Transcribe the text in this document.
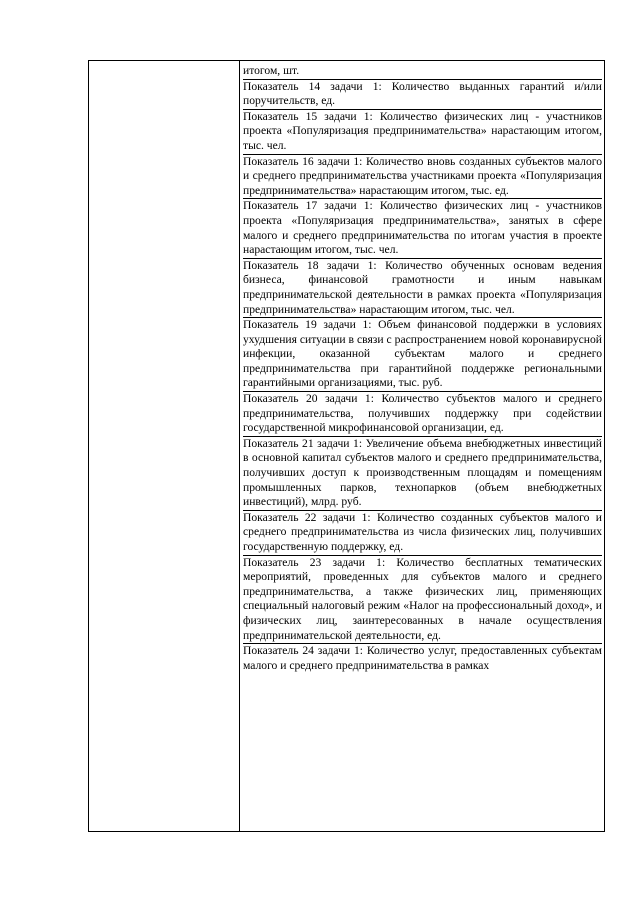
итогом, шт.

Показатель 14 задачи 1: Количество выданных гарантий и/или поручительств, ед.

Показатель 15 задачи 1: Количество физических лиц - участников проекта «Популяризация предпринимательства» нарастающим итогом, тыс. чел.

Показатель 16 задачи 1: Количество вновь созданных субъектов малого и среднего предпринимательства участниками проекта «Популяризация предпринимательства» нарастающим итогом, тыс. ед.

Показатель 17 задачи 1: Количество физических лиц - участников проекта «Популяризация предпринимательства», занятых в сфере малого и среднего предпринимательства по итогам участия в проекте нарастающим итогом, тыс. чел.

Показатель 18 задачи 1: Количество обученных основам ведения бизнеса, финансовой грамотности и иным навыкам предпринимательской деятельности в рамках проекта «Популяризация предпринимательства» нарастающим итогом, тыс. чел.

Показатель 19 задачи 1: Объем финансовой поддержки в условиях ухудшения ситуации в связи с распространением новой коронавирусной инфекции, оказанной субъектам малого и среднего предпринимательства при гарантийной поддержке региональными гарантийными организациями, тыс. руб.

Показатель 20 задачи 1: Количество субъектов малого и среднего предпринимательства, получивших поддержку при содействии государственной микрофинансовой организации, ед.

Показатель 21 задачи 1: Увеличение объема внебюджетных инвестиций в основной капитал субъектов малого и среднего предпринимательства, получивших доступ к производственным площадям и помещениям промышленных парков, технопарков (объем внебюджетных инвестиций), млрд. руб.

Показатель 22 задачи 1: Количество созданных субъектов малого и среднего предпринимательства из числа физических лиц, получивших государственную поддержку, ед.

Показатель 23 задачи 1: Количество бесплатных тематических мероприятий, проведенных для субъектов малого и среднего предпринимательства, а также физических лиц, применяющих специальный налоговый режим «Налог на профессиональный доход», и физических лиц, заинтересованных в начале осуществления предпринимательской деятельности, ед.

Показатель 24 задачи 1: Количество услуг, предоставленных субъектам малого и среднего предпринимательства в рамках
